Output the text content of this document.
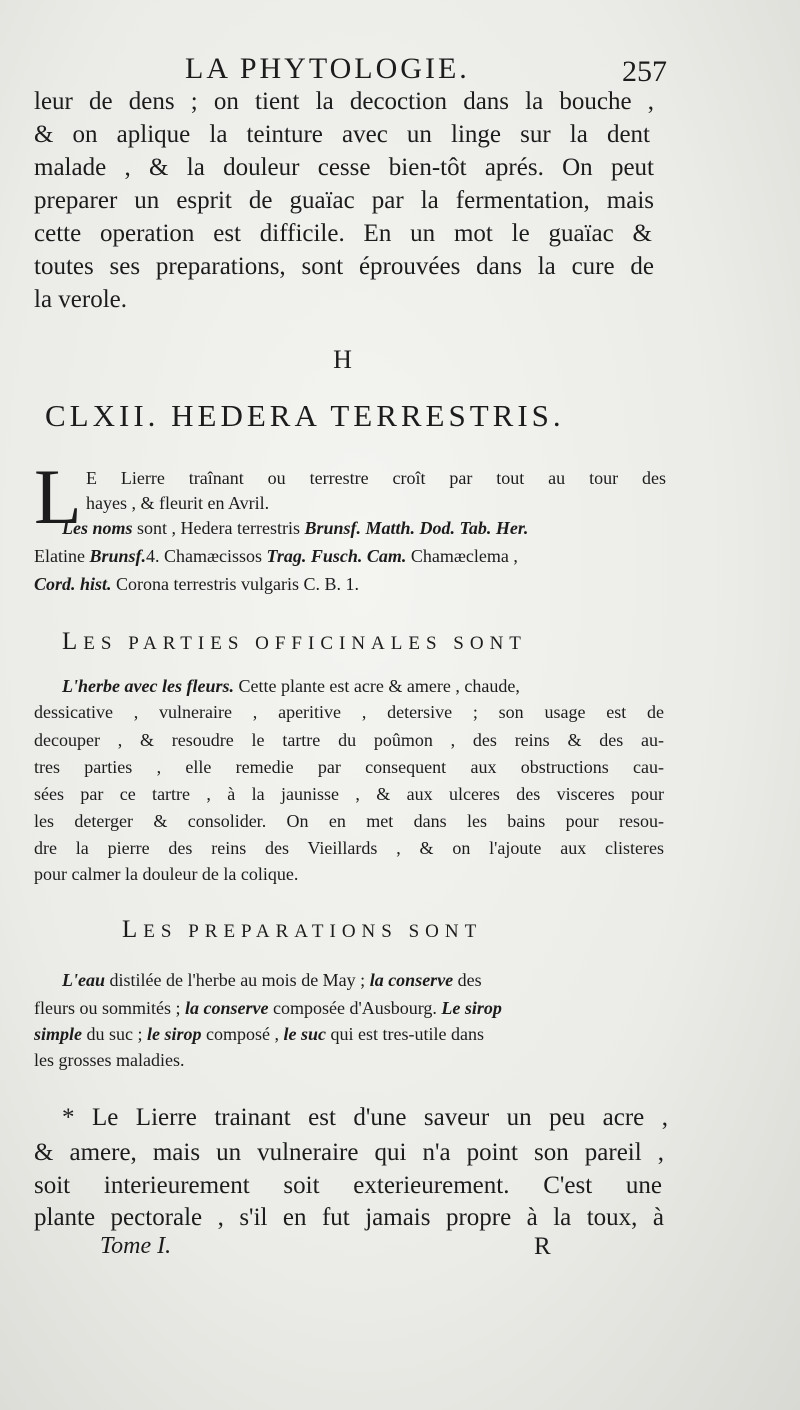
LA PHYTOLOGIE.	257
leur de dens ; on tient la decoction dans la bouche ,
& on aplique la teinture avec un linge sur la dent
malade , & la douleur cesse bien-tôt aprés. On peut
preparer un esprit de guaïac par la fermentation, mais
cette operation est difficile. En un mot le guaïac &
toutes ses preparations, sont éprouvées dans la cure de
la verole.
H
CLXII. HEDERA TERRESTRIS.
L E Lierre traînant ou terrestre croît par tout au tour des
hayes , & fleurit en Avril.
Les noms sont , Hedera terrestris Brunsf. Matth. Dod. Tab. Her.
Elatine Brunsf.4. Chamæcissos Trag. Fusch. Cam. Chamæclema ,
Cord. hist. Corona terrestris vulgaris C. B. 1.
LES PARTIES OFFICINALES SONT
L'herbe avec les fleurs. Cette plante est acre & amere , chaude,
dessicative , vulneraire , aperitive , detersive ; son usage est de
decouper , & resoudre le tartre du poûmon , des reins & des au-
tres parties , elle remedie par consequent aux obstructions cau-
sées par ce tartre , à la jaunisse , & aux ulceres des visceres pour
les deterger & consolider. On en met dans les bains pour resou-
dre la pierre des reins des Vieillards , & on l'ajoute aux clisteres
pour calmer la douleur de la colique.
LES PREPARATIONS SONT
L'eau distilée de l'herbe au mois de May ; la conserve des
fleurs ou sommités ; la conserve composée d'Ausbourg. Le sirop
simple du suc ; le sirop composé , le suc qui est tres-utile dans
les grosses maladies.
* Le Lierre trainant est d'une saveur un peu acre ,
& amere, mais un vulneraire qui n'a point son pareil ,
soit interieurement soit exterieurement. C'est une
plante pectorale , s'il en fut jamais propre à la toux, à
Tome I.	R
